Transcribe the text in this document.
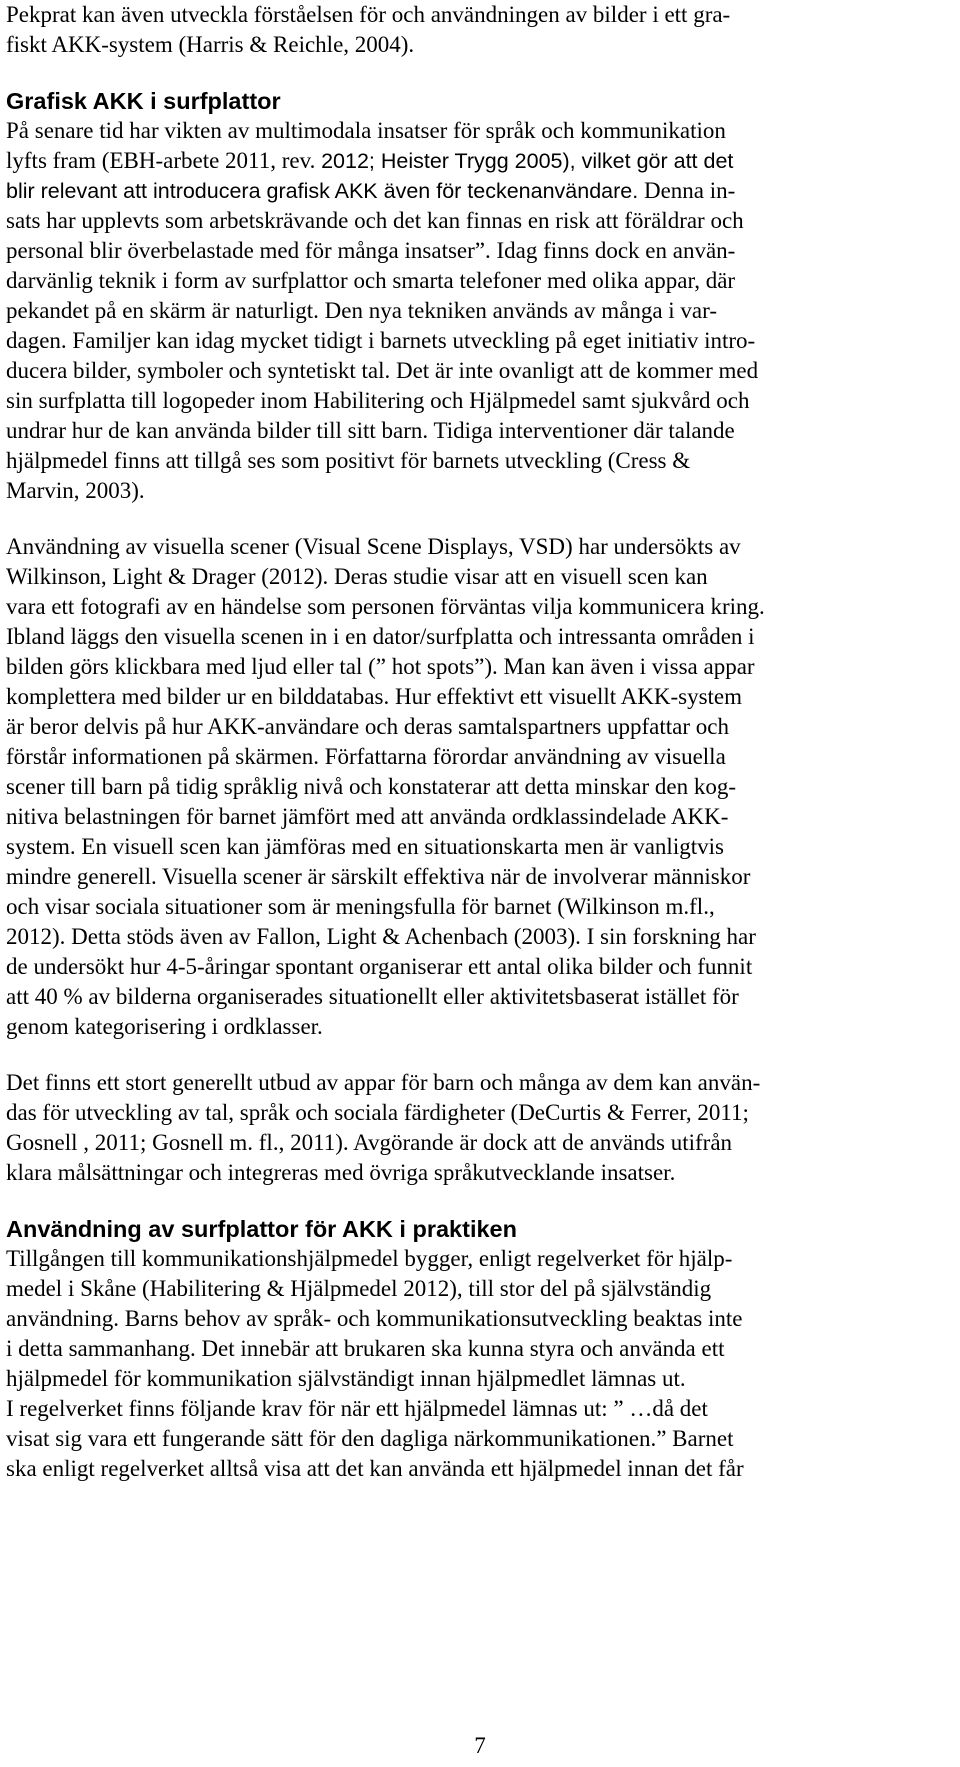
Pekprat kan även utveckla förståelsen för och användningen av bilder i ett gra-
fiskt AKK-system (Harris & Reichle, 2004).
Grafisk AKK i surfplattor
På senare tid har vikten av multimodala insatser för språk och kommunikation
lyfts fram (EBH-arbete 2011, rev. 2012; Heister Trygg 2005), vilket gör att det
blir relevant att introducera grafisk AKK även för teckenanvändare. Denna in-
sats har upplevts som arbetskrävande och det kan finnas en risk att föräldrar och
personal blir överbelastade med för många insatser”. Idag finns dock en använ-
darvänlig teknik i form av surfplattor och smarta telefoner med olika appar, där
pekandet på en skärm är naturligt. Den nya tekniken används av många i var-
dagen. Familjer kan idag mycket tidigt i barnets utveckling på eget initiativ intro-
ducera bilder, symboler och syntetiskt tal. Det är inte ovanligt att de kommer med
sin surfplatta till logopeder inom Habilitering och Hjälpmedel samt sjukvård och
undrar hur de kan använda bilder till sitt barn. Tidiga interventioner där talande
hjälpmedel finns att tillgå ses som positivt för barnets utveckling (Cress &
Marvin, 2003).
Användning av visuella scener (Visual Scene Displays, VSD) har undersökts av
Wilkinson, Light & Drager (2012). Deras studie visar att en visuell scen kan
vara ett fotografi av en händelse som personen förväntas vilja kommunicera kring.
Ibland läggs den visuella scenen in i en dator/surfplatta och intressanta områden i
bilden görs klickbara med ljud eller tal (” hot spots”). Man kan även i vissa appar
komplettera med bilder ur en bilddatabas. Hur effektivt ett visuellt AKK-system
är beror delvis på hur AKK-användare och deras samtalspartners uppfattar och
förstår informationen på skärmen. Författarna förordar användning av visuella
scener till barn på tidig språklig nivå och konstaterar att detta minskar den kog-
nitiva belastningen för barnet jämfört med att använda ordklassindelade AKK-
system. En visuell scen kan jämföras med en situationskarta men är vanligtvis
mindre generell. Visuella scener är särskilt effektiva när de involverar människor
och visar sociala situationer som är meningsfulla för barnet (Wilkinson m.fl.,
2012). Detta stöds även av Fallon, Light & Achenbach (2003). I sin forskning har
de undersökt hur 4-5-åringar spontant organiserar ett antal olika bilder och funnit
att 40 % av bilderna organiserades situationellt eller aktivitetsbaserat istället för
genom kategorisering i ordklasser.
Det finns ett stort generellt utbud av appar för barn och många av dem kan använ-
das för utveckling av tal, språk och sociala färdigheter (DeCurtis & Ferrer, 2011;
Gosnell , 2011; Gosnell m. fl., 2011). Avgörande är dock att de används utifrån
klara målsättningar och integreras med övriga språkutvecklande insatser.
Användning av surfplattor för AKK i praktiken
Tillgången till kommunikationshjälpmedel bygger, enligt regelverket för hjälp-
medel i Skåne (Habilitering & Hjälpmedel 2012), till stor del på självständig
användning. Barns behov av språk- och kommunikationsutveckling beaktas inte
i detta sammanhang. Det innebär att brukaren ska kunna styra och använda ett
hjälpmedel för kommunikation självständigt innan hjälpmedlet lämnas ut.
I regelverket finns följande krav för när ett hjälpmedel lämnas ut: ” …då det
visat sig vara ett fungerande sätt för den dagliga närkommunikationen.” Barnet
ska enligt regelverket alltså visa att det kan använda ett hjälpmedel innan det får
7
